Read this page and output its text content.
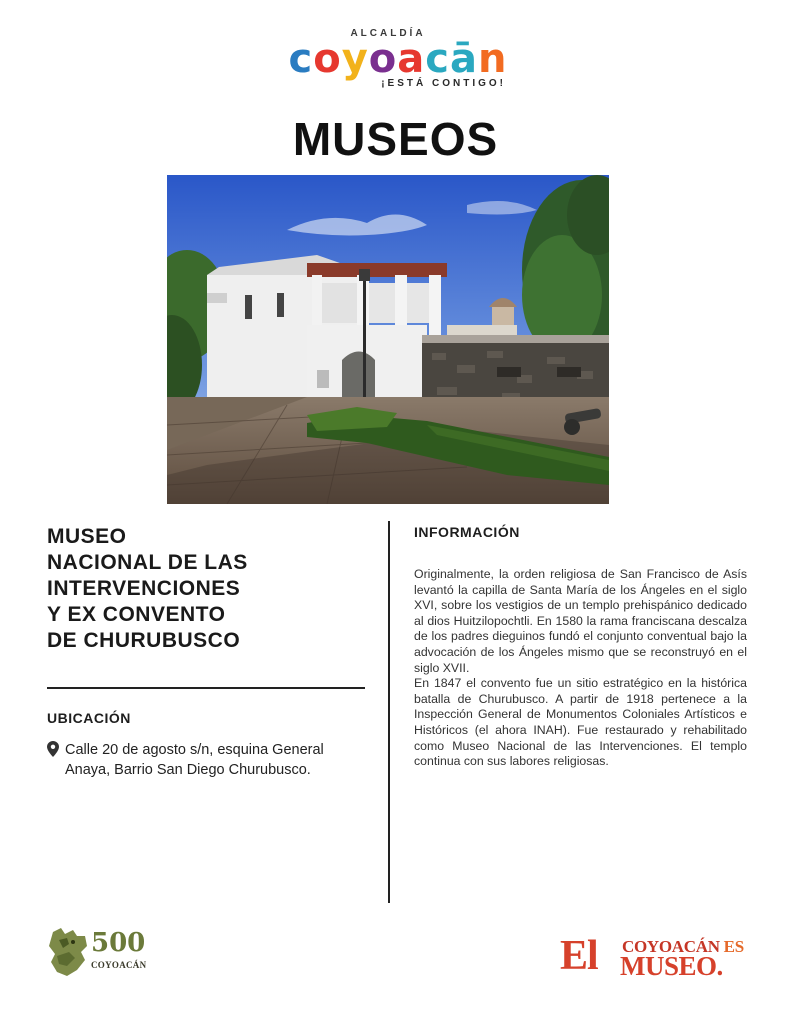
ALCALDÍA
coyoacān
¡ESTÁ CONTIGO!
MUSEOS
MUSEO
NACIONAL DE LAS
INTERVENCIONES
Y EX CONVENTO
DE CHURUBUSCO
UBICACIÓN
Calle 20 de agosto s/n, esquina General Anaya, Barrio San Diego Churubusco.
INFORMACIÓN

Originalmente, la orden religiosa de San Francisco de Asís levantó la capilla de Santa María de los Ángeles en el siglo XVI, sobre los vestigios de un templo prehispánico dedicado al dios Huitzilopochtli. En 1580 la rama franciscana descalza de los padres dieguinos fundó el conjunto conventual bajo la advocación de los Ángeles mismo que se reconstruyó en el siglo XVII.

En 1847 el convento fue un sitio estratégico en la histórica batalla de Churubusco. A partir de 1918 pertenece a la Inspección General de Monumentos Coloniales Artísticos e Históricos (el ahora INAH). Fue restaurado y rehabilitado como Museo Nacional de las Intervenciones. El templo continua con sus labores religiosas.

500
COYOACÁN	El COYOACÁN ES
MUSEO.
